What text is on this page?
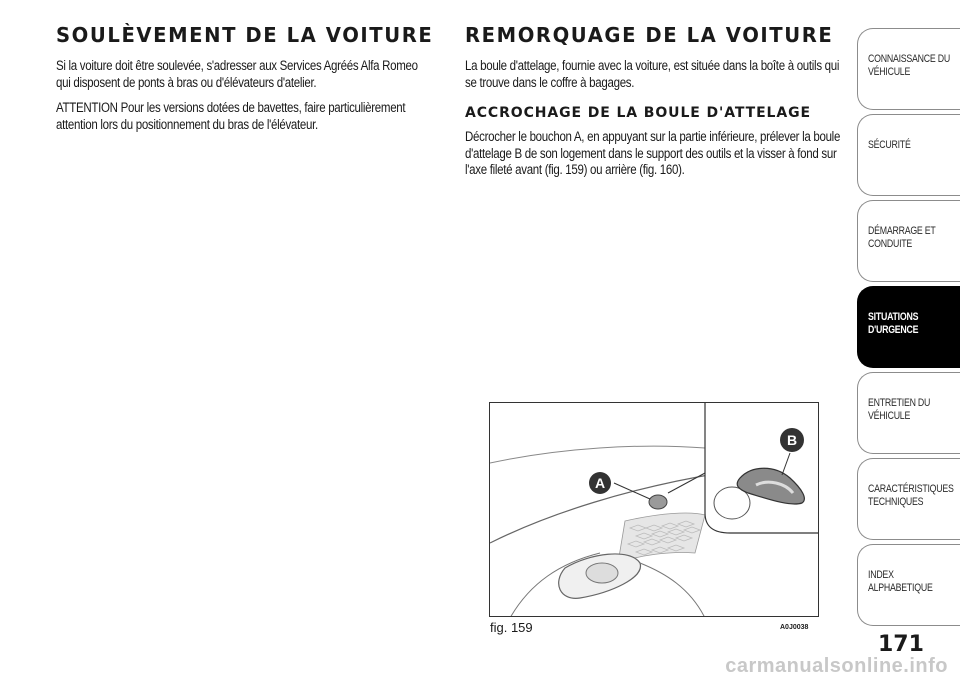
SOULÈVEMENT DE LA VOITURE

Si la voiture doit être soulevée, s'adresser aux Services Agréés Alfa Romeo qui disposent de ponts à bras ou d'élévateurs d'atelier.

ATTENTION Pour les versions dotées de bavettes, faire particulièrement attention lors du positionnement du bras de l'élévateur.

REMORQUAGE DE LA VOITURE

La boule d'attelage, fournie avec la voiture, est située dans la boîte à outils qui se trouve dans le coffre à bagages.

ACCROCHAGE DE LA BOULE D'ATTELAGE

Décrocher le bouchon A, en appuyant sur la partie inférieure, prélever la boule d'attelage B de son logement dans le support des outils et la visser à fond sur l'axe fileté avant (fig. 159) ou arrière (fig. 160).

A
B
fig. 159	A0J0038
CONNAISSANCE DU VÉHICULE
SÉCURITÉ
DÉMARRAGE ET CONDUITE
SITUATIONS D'URGENCE
ENTRETIEN DU VÉHICULE
CARACTÉRISTIQUES TECHNIQUES
INDEX ALPHABETIQUE
171
carmanualsonline.info
